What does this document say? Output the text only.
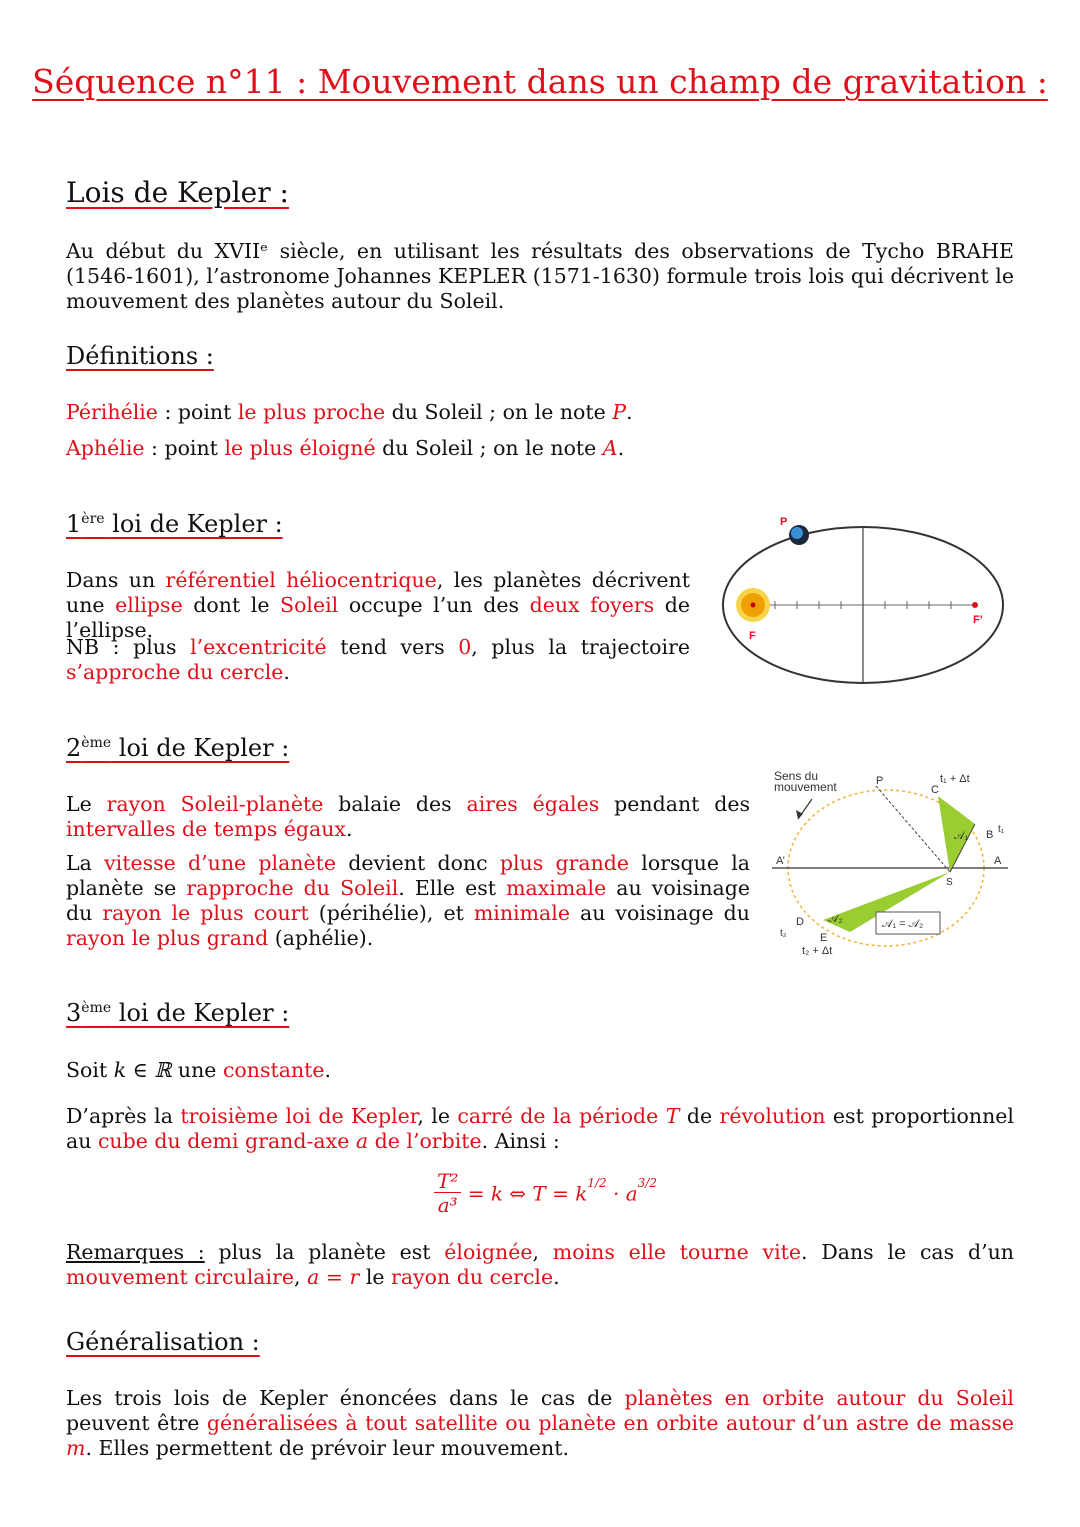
Séquence n°11 : Mouvement dans un champ de gravitation :
Lois de Kepler :
Au début du XVIIᵉ siècle, en utilisant les résultats des observations de Tycho BRAHE (1546-1601), l’astronome Johannes KEPLER (1571-1630) formule trois lois qui décrivent le mouvement des planètes autour du Soleil.
Définitions :
Périhélie : point le plus proche du Soleil ; on le note P.
Aphélie : point le plus éloigné du Soleil ; on le note A.
1ère loi de Kepler :
Dans un référentiel héliocentrique, les planètes décrivent une ellipse dont le Soleil occupe l’un des deux foyers de l’ellipse.
NB : plus l’excentricité tend vers 0, plus la trajectoire s’approche du cercle.
P
F
F’
2ème loi de Kepler :
Le rayon Soleil-planète balaie des aires égales pendant des intervalles de temps égaux.
La vitesse d’une planète devient donc plus grande lorsque la planète se rapproche du Soleil. Elle est maximale au voisinage du rayon le plus court (périhélie), et minimale au voisinage du rayon le plus grand (aphélie).
Sens du
mouvement	P
C
t₁ + Δt
𝒜₁ B t₁
A
A’
S
D 𝒜₂
t₂	E
t₂ + Δt
𝒜₁ = 𝒜₂
3ème loi de Kepler :
Soit k ∈ ℝ une constante.
D’après la troisième loi de Kepler, le carré de la période T de révolution est proportionnel au cube du demi grand-axe a de l’orbite. Ainsi :
$\frac{\text{T²}}{\text{a³}} = k$ ⇔ $T = k^{1/2} \cdot a^{3/2}$
Remarques : plus la planète est éloignée, moins elle tourne vite. Dans le cas d’un mouvement circulaire, a = r le rayon du cercle.
Généralisation :
Les trois lois de Kepler énoncées dans le cas de planètes en orbite autour du Soleil peuvent être généralisées à tout satellite ou planète en orbite autour d’un astre de masse m. Elles permettent de prévoir leur mouvement.
